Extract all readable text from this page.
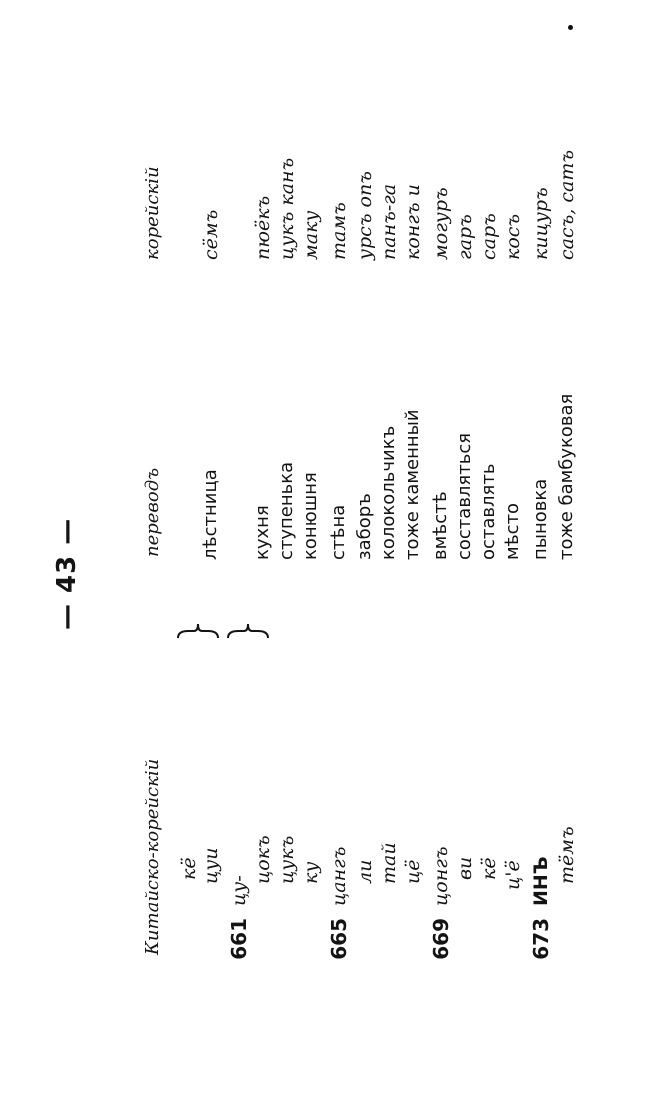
— 43 —
Китайско-корейскій
переводъ
корейскій
кё цуи
лѣстница
сёмъ
661
цу-
цокъ
кухня
пюёкъ
цукъ
ступенька
цукъ канъ
ку
конюшня
маку
665
цангъ
стѣна
тамъ
ли
заборъ
урсъ опъ
тай
колокольчикъ
панъ-га
цё
тоже каменный
конгъ и
669
цонгъ
вмѣстѣ
могуръ
ви
составляться
гаръ
кё
оставлять
саръ
ц'ё
мѣсто
косъ
673
ИНЪ
пыновка
кицуръ
тёмъ
тоже бамбуковая
сасъ, сатъ
